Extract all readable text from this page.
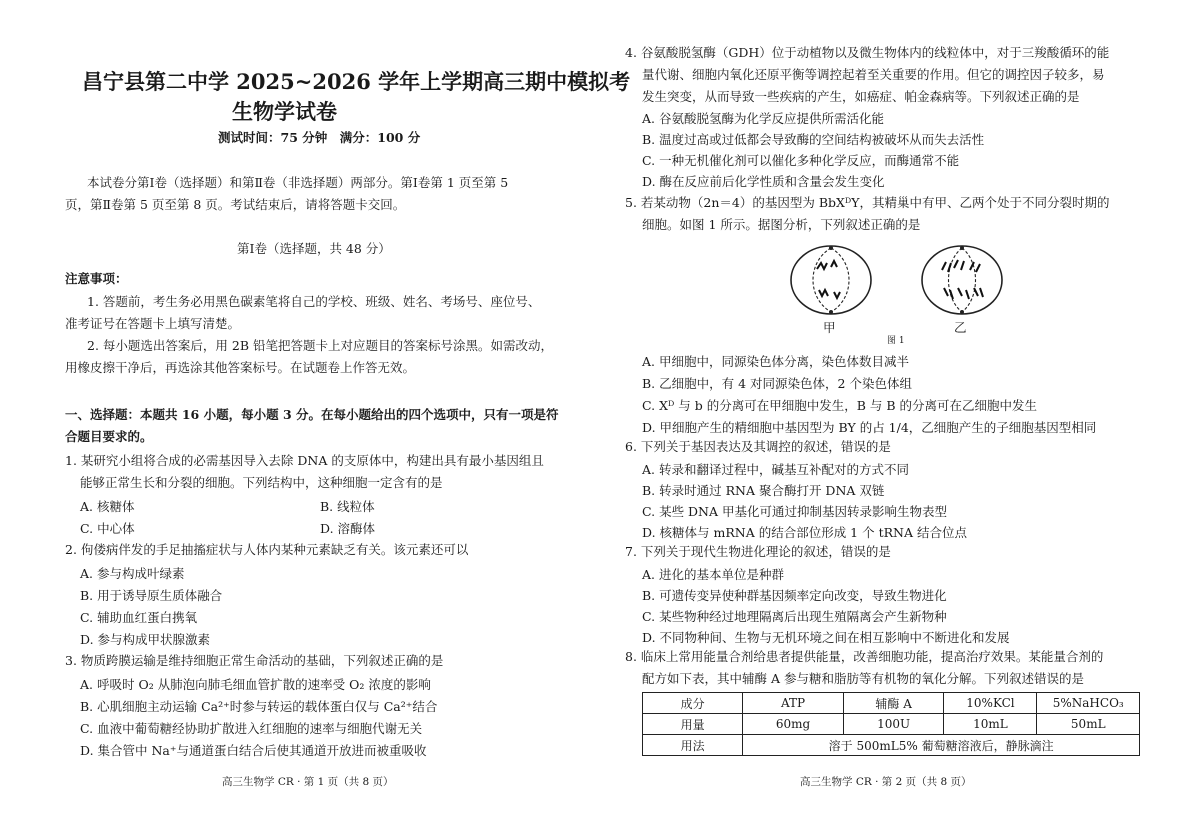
昌宁县第二中学 2025~2026 学年上学期高三期中模拟考
生物学试卷
测试时间：75 分钟　满分：100 分
本试卷分第Ⅰ卷（选择题）和第Ⅱ卷（非选择题）两部分。第Ⅰ卷第 1 页至第 5
页，第Ⅱ卷第 5 页至第 8 页。考试结束后，请将答题卡交回。
第Ⅰ卷（选择题，共 48 分）
注意事项：
1. 答题前，考生务必用黑色碳素笔将自己的学校、班级、姓名、考场号、座位号、
准考证号在答题卡上填写清楚。
2. 每小题选出答案后，用 2B 铅笔把答题卡上对应题目的答案标号涂黑。如需改动，
用橡皮擦干净后，再选涂其他答案标号。在试题卷上作答无效。
一、选择题：本题共 16 小题，每小题 3 分。在每小题给出的四个选项中，只有一项是符
合题目要求的。
1. 某研究小组将合成的必需基因导入去除 DNA 的支原体中，构建出具有最小基因组且
能够正常生长和分裂的细胞。下列结构中，这种细胞一定含有的是
A. 核糖体	B. 线粒体
C. 中心体	D. 溶酶体
2. 佝偻病伴发的手足抽搐症状与人体内某种元素缺乏有关。该元素还可以
A. 参与构成叶绿素
B. 用于诱导原生质体融合
C. 辅助血红蛋白携氧
D. 参与构成甲状腺激素
3. 物质跨膜运输是维持细胞正常生命活动的基础，下列叙述正确的是
A. 呼吸时 O₂ 从肺泡向肺毛细血管扩散的速率受 O₂ 浓度的影响
B. 心肌细胞主动运输 Ca²⁺时参与转运的载体蛋白仅与 Ca²⁺结合
C. 血液中葡萄糖经协助扩散进入红细胞的速率与细胞代谢无关
D. 集合管中 Na⁺与通道蛋白结合后使其通道开放进而被重吸收
高三生物学 CR · 第 1 页（共 8 页）
4. 谷氨酸脱氢酶（GDH）位于动植物以及微生物体内的线粒体中，对于三羧酸循环的能
量代谢、细胞内氧化还原平衡等调控起着至关重要的作用。但它的调控因子较多，易
发生突变，从而导致一些疾病的产生，如癌症、帕金森病等。下列叙述正确的是
A. 谷氨酸脱氢酶为化学反应提供所需活化能
B. 温度过高或过低都会导致酶的空间结构被破坏从而失去活性
C. 一种无机催化剂可以催化多种化学反应，而酶通常不能
D. 酶在反应前后化学性质和含量会发生变化
5. 若某动物（2n＝4）的基因型为 BbXᴰY，其精巢中有甲、乙两个处于不同分裂时期的
细胞。如图 1 所示。据图分析，下列叙述正确的是
甲	乙
图 1
A. 甲细胞中，同源染色体分离，染色体数目减半
B. 乙细胞中，有 4 对同源染色体，2 个染色体组
C. Xᴰ 与 b 的分离可在甲细胞中发生，B 与 B 的分离可在乙细胞中发生
D. 甲细胞产生的精细胞中基因型为 BY 的占 1/4，乙细胞产生的子细胞基因型相同
6. 下列关于基因表达及其调控的叙述，错误的是
A. 转录和翻译过程中，碱基互补配对的方式不同
B. 转录时通过 RNA 聚合酶打开 DNA 双链
C. 某些 DNA 甲基化可通过抑制基因转录影响生物表型
D. 核糖体与 mRNA 的结合部位形成 1 个 tRNA 结合位点
7. 下列关于现代生物进化理论的叙述，错误的是
A. 进化的基本单位是种群
B. 可遗传变异使种群基因频率定向改变，导致生物进化
C. 某些物种经过地理隔离后出现生殖隔离会产生新物种
D. 不同物种间、生物与无机环境之间在相互影响中不断进化和发展
8. 临床上常用能量合剂给患者提供能量，改善细胞功能，提高治疗效果。某能量合剂的
配方如下表，其中辅酶 A 参与糖和脂肪等有机物的氧化分解。下列叙述错误的是
成分	ATP	辅酶 A	10%KCl	5%NaHCO₃
用量	60mg	100U	10mL	50mL
用法	溶于 500mL5% 葡萄糖溶液后，静脉滴注			
高三生物学 CR · 第 2 页（共 8 页）
